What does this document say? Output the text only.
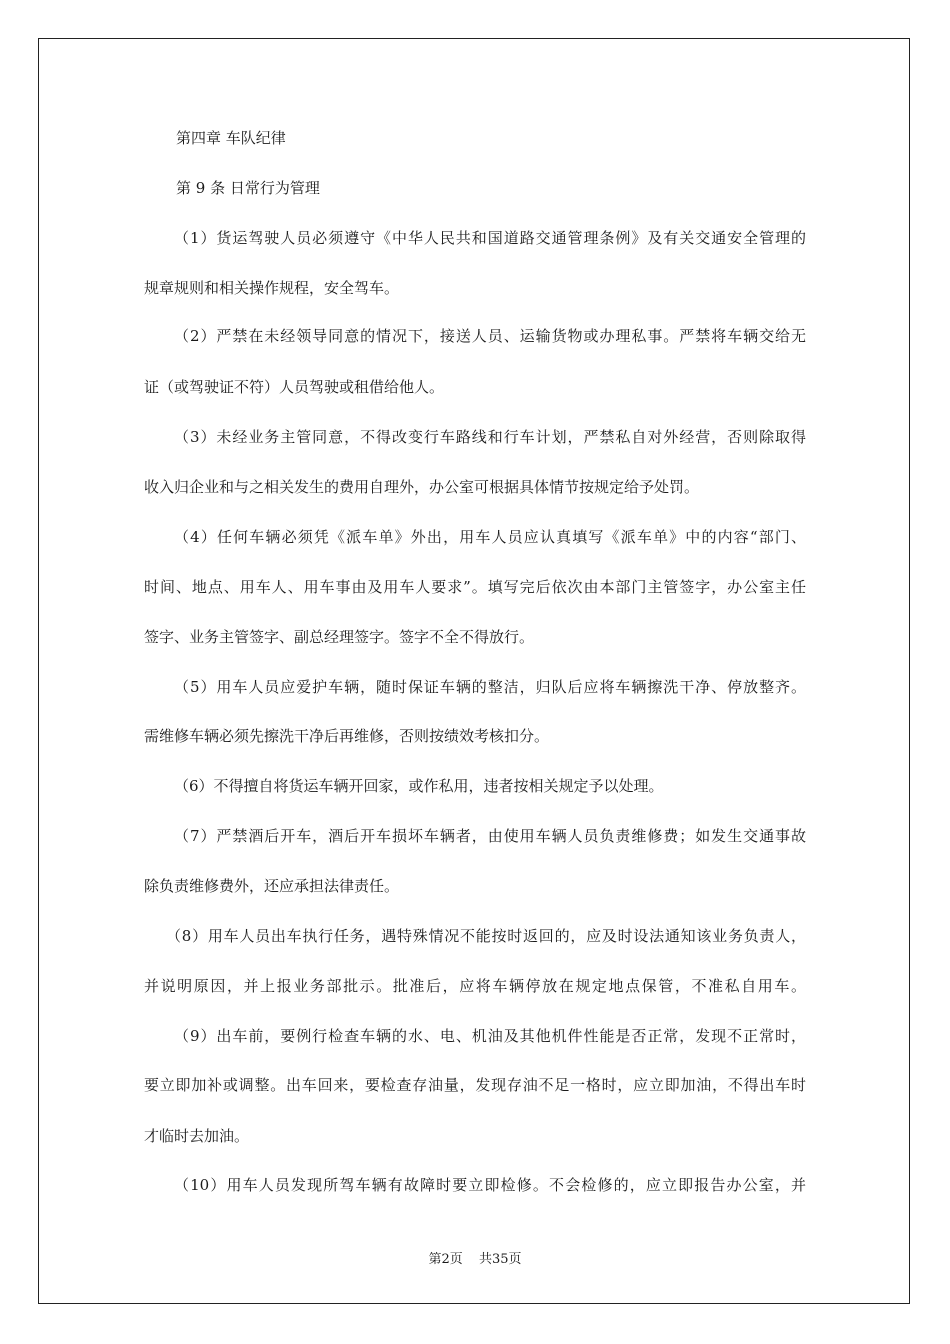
第四章 车队纪律
第 9 条 日常行为管理
（1）货运驾驶人员必须遵守《中华人民共和国道路交通管理条例》及有关交通安全管理的
规章规则和相关操作规程，安全驾车。
（2）严禁在未经领导同意的情况下，接送人员、运输货物或办理私事。严禁将车辆交给无
证（或驾驶证不符）人员驾驶或租借给他人。
（3）未经业务主管同意，不得改变行车路线和行车计划，严禁私自对外经营，否则除取得
收入归企业和与之相关发生的费用自理外，办公室可根据具体情节按规定给予处罚。
（4）任何车辆必须凭《派车单》外出，用车人员应认真填写《派车单》中的内容“部门、
时间、地点、用车人、用车事由及用车人要求”。填写完后依次由本部门主管签字，办公室主任
签字、业务主管签字、副总经理签字。签字不全不得放行。
（5）用车人员应爱护车辆，随时保证车辆的整洁，归队后应将车辆擦洗干净、停放整齐。
需维修车辆必须先擦洗干净后再维修，否则按绩效考核扣分。
（6）不得擅自将货运车辆开回家，或作私用，违者按相关规定予以处理。
（7）严禁酒后开车，酒后开车损坏车辆者，由使用车辆人员负责维修费；如发生交通事故
除负责维修费外，还应承担法律责任。
（8）用车人员出车执行任务，遇特殊情况不能按时返回的，应及时设法通知该业务负责人，
并说明原因，并上报业务部批示。批准后，应将车辆停放在规定地点保管，不准私自用车。
（9）出车前，要例行检查车辆的水、电、机油及其他机件性能是否正常，发现不正常时，
要立即加补或调整。出车回来，要检查存油量，发现存油不足一格时，应立即加油，不得出车时
才临时去加油。
（10）用车人员发现所驾车辆有故障时要立即检修。不会检修的，应立即报告办公室，并
第2页 共35页
